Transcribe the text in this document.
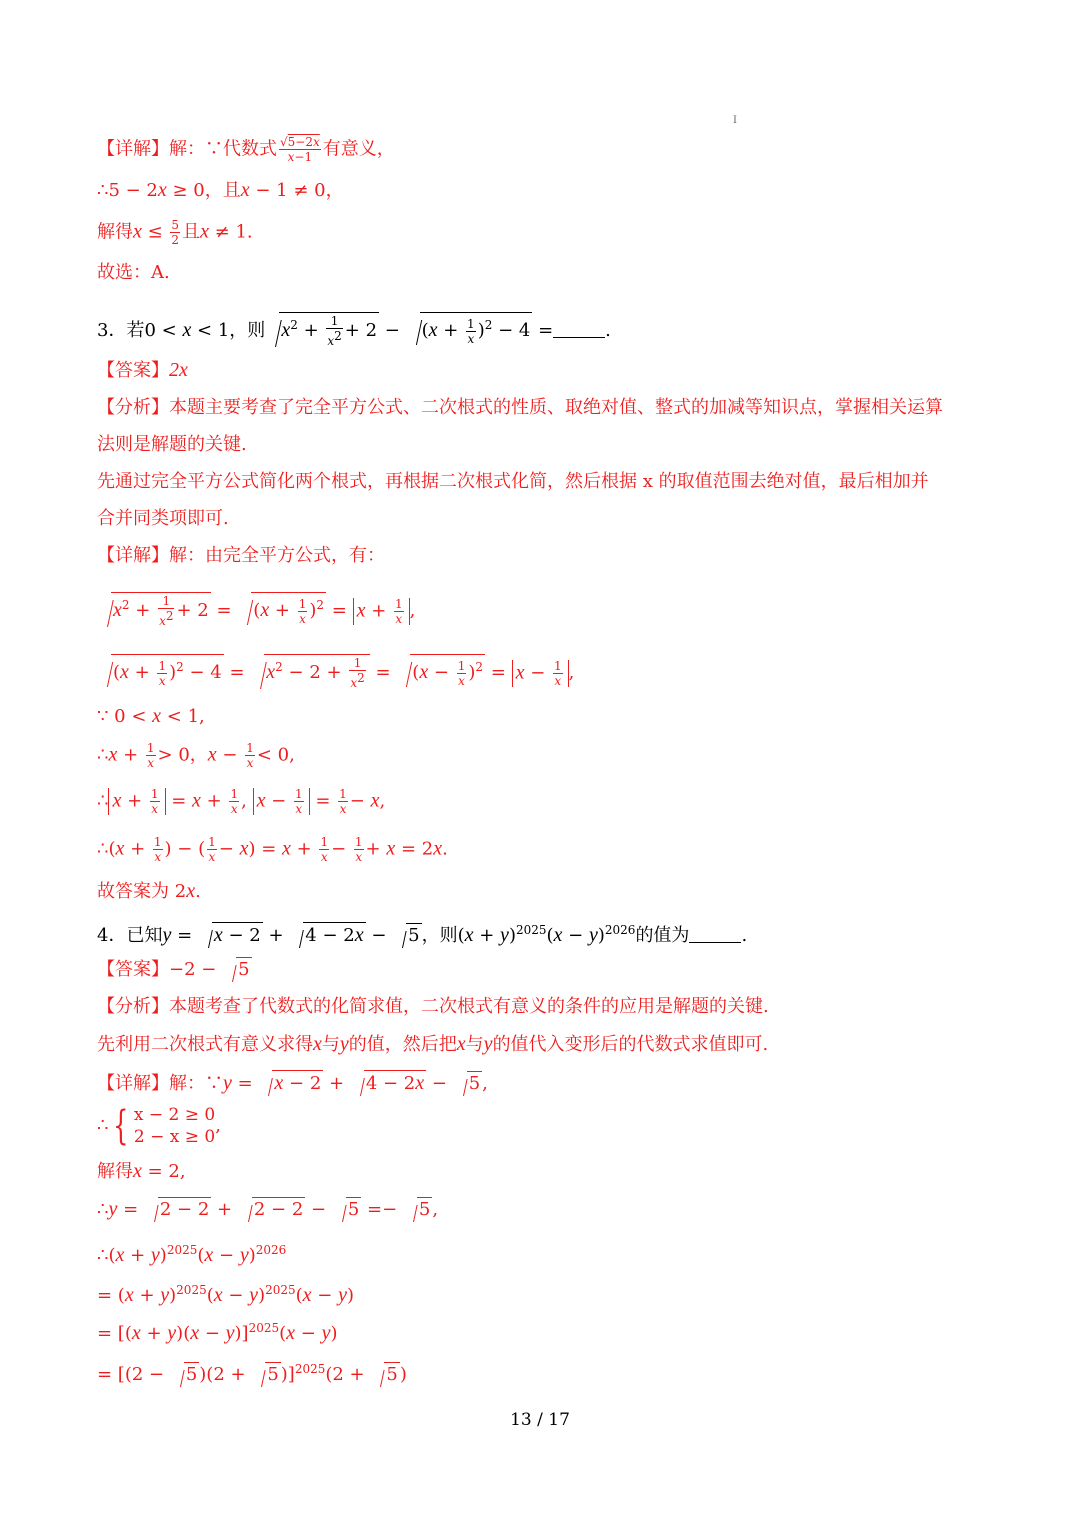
I
【详解】解：∵代数式 $\frac{√5-2x}{x-1}$ 有意义，
∴5 − 2x ≥ 0，且x − 1 ≠ 0，
解得$x \le \frac{5}{2}$ 且x ≠ 1.
故选：A.
3．若0 < x < 1，则 $x^2 + \frac{1}{x^2} + 2 - (x + \frac{1}{x} )^2 - 4$ =	.
【答案】2x
【分析】本题主要考查了完全平方公式、二次根式的性质、取绝对值、整式的加减等知识点，掌握相关运算
法则是解题的关键.
先通过完全平方公式简化两个根式，再根据二次根式化简，然后根据 x 的取值范围去绝对值，最后相加并
合并同类项即可.
【详解】解：由完全平方公式，有：
$x^2 + \frac{1}{x^2} + 2 = (x + \frac{1}{x} )^2 = x + \frac{1}{x}$ ,
$(x + \frac{1}{x} )^2 - 4 = x^2 - 2 + \frac{1}{x^2} = (x - \frac{1}{x} )^2 = x - \frac{1}{x}$ ,
∵ 0 < x < 1,
∴x + $\frac{1}{x} > 0$，$x - \frac{1}{x} < 0$,
∴ $x + \frac{1}{x} = x + \frac{1}{x}$ , $x - \frac{1}{x} = \frac{1}{x} - x$,
∴(x + $\frac{1}{x}$ ) − ( $\frac{1}{x} - x) = x + \frac{1}{x} - \frac{1}{x} + x = 2x$.
故答案为 2x.
4．已知y = x − 2 + 4 − 2x − 5 ，则$(x + y)^{2025}(x - y)^{2026}$的值为	.
【答案】−2 − 5
【分析】本题考查了代数式的化简求值，二次根式有意义的条件的应用是解题的关键.
先利用二次根式有意义求得x与y的值，然后把x与y的值代入变形后的代数式求值即可.
【详解】解：∵y = x − 2 + 4 − 2x − 5 ,
∴ { x − 2 ≥ 0
2 − x ≥ 0
,
解得x = 2,
∴y = 2 − 2 + 2 − 2 − 5 =− 5 ,
∴(x + $y)^{2025}(x - y)^{2026}$
= $(x + y)^{2025}(x - y)^{2025}(x - y)$
= $[(x + y)(x - y)]^{2025}(x - y)$
= [(2 − 5 )(2 + 5 )]$^{2025}$(2 + 5 )
13 / 17
